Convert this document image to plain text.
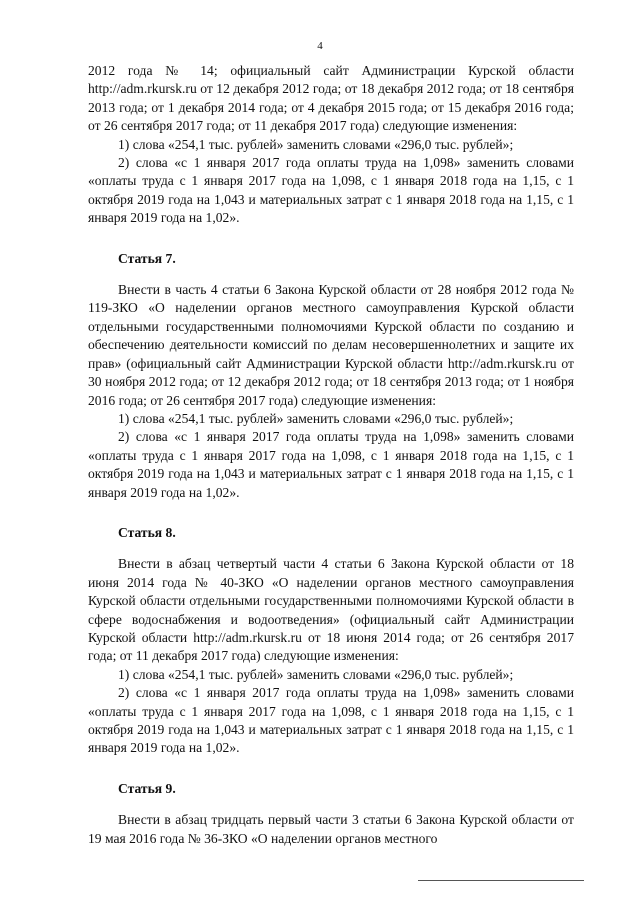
4

2012 года № 14; официальный сайт Администрации Курской области http://adm.rkursk.ru от 12 декабря 2012 года; от 18 декабря 2012 года; от 18 сентября 2013 года; от 1 декабря 2014 года; от 4 декабря 2015 года; от 15 декабря 2016 года; от 26 сентября 2017 года; от 11 декабря 2017 года) следующие изменения:

1) слова «254,1 тыс. рублей» заменить словами «296,0 тыс. рублей»;

2) слова «с 1 января 2017 года оплаты труда на 1,098» заменить словами «оплаты труда с 1 января 2017 года на 1,098, с 1 января 2018 года на 1,15, с 1 октября 2019 года на 1,043 и материальных затрат с 1 января 2018 года на 1,15, с 1 января 2019 года на 1,02».

Статья 7.

Внести в часть 4 статьи 6 Закона Курской области от 28 ноября 2012 года № 119-ЗКО «О наделении органов местного самоуправления Курской области отдельными государственными полномочиями Курской области по созданию и обеспечению деятельности комиссий по делам несовершеннолетних и защите их прав» (официальный сайт Администрации Курской области http://adm.rkursk.ru от 30 ноября 2012 года; от 12 декабря 2012 года; от 18 сентября 2013 года; от 1 ноября 2016 года; от 26 сентября 2017 года) следующие изменения:

1) слова «254,1 тыс. рублей» заменить словами «296,0 тыс. рублей»;

2) слова «с 1 января 2017 года оплаты труда на 1,098» заменить словами «оплаты труда с 1 января 2017 года на 1,098, с 1 января 2018 года на 1,15, с 1 октября 2019 года на 1,043 и материальных затрат с 1 января 2018 года на 1,15, с 1 января 2019 года на 1,02».

Статья 8.

Внести в абзац четвертый части 4 статьи 6 Закона Курской области от 18 июня 2014 года № 40-ЗКО «О наделении органов местного самоуправления Курской области отдельными государственными полномочиями Курской области в сфере водоснабжения и водоотведения» (официальный сайт Администрации Курской области http://adm.rkursk.ru от 18 июня 2014 года; от 26 сентября 2017 года; от 11 декабря 2017 года) следующие изменения:

1) слова «254,1 тыс. рублей» заменить словами «296,0 тыс. рублей»;

2) слова «с 1 января 2017 года оплаты труда на 1,098» заменить словами «оплаты труда с 1 января 2017 года на 1,098, с 1 января 2018 года на 1,15, с 1 октября 2019 года на 1,043 и материальных затрат с 1 января 2018 года на 1,15, с 1 января 2019 года на 1,02».

Статья 9.

Внести в абзац тридцать первый части 3 статьи 6 Закона Курской области от 19 мая 2016 года № 36-ЗКО «О наделении органов местного
